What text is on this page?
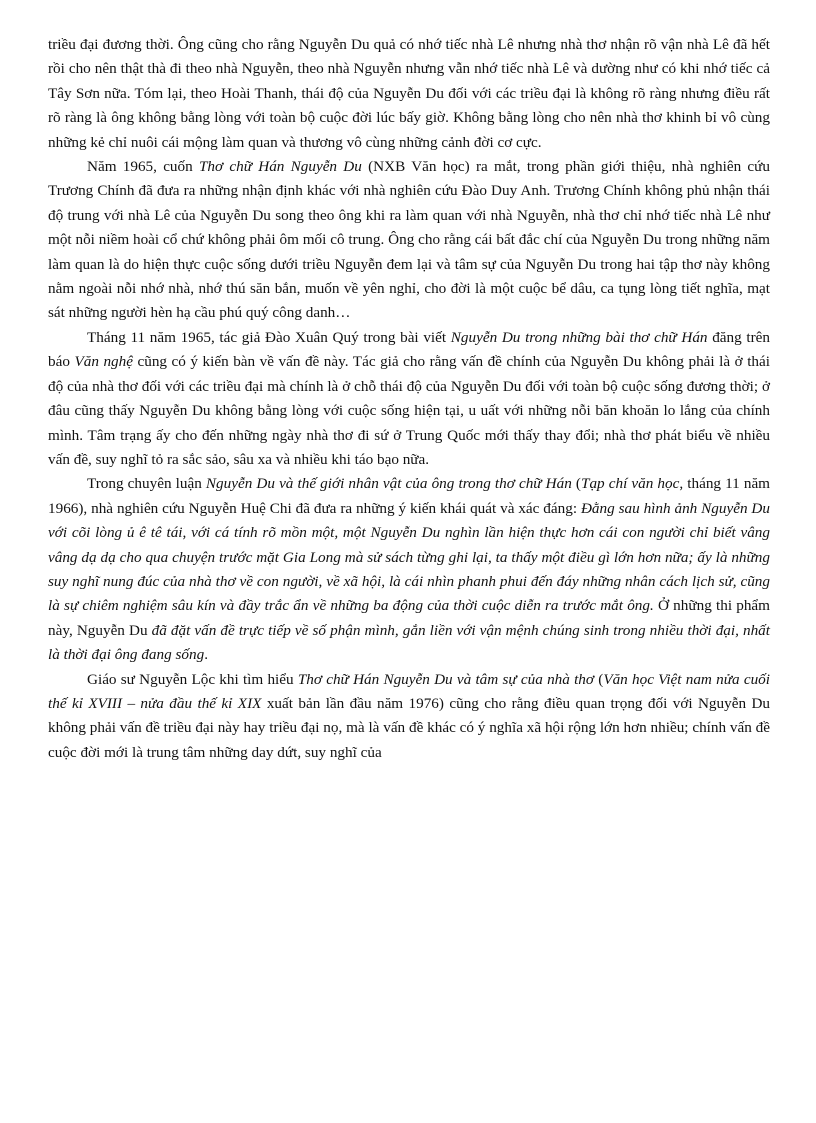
triều đại đương thời. Ông cũng cho rằng Nguyễn Du quả có nhớ tiếc nhà Lê nhưng nhà thơ nhận rõ vận nhà Lê đã hết rồi cho nên thật thà đi theo nhà Nguyễn, theo nhà Nguyễn nhưng vẫn nhớ tiếc nhà Lê và dường như có khi nhớ tiếc cả Tây Sơn nữa. Tóm lại, theo Hoài Thanh, thái độ của Nguyễn Du đối với các triều đại là không rõ ràng nhưng điều rất rõ ràng là ông không bằng lòng với toàn bộ cuộc đời lúc bấy giờ. Không bằng lòng cho nên nhà thơ khinh bỉ vô cùng những kẻ chỉ nuôi cái mộng làm quan và thương vô cùng những cảnh đời cơ cực.

Năm 1965, cuốn Thơ chữ Hán Nguyễn Du (NXB Văn học) ra mắt, trong phần giới thiệu, nhà nghiên cứu Trương Chính đã đưa ra những nhận định khác với nhà nghiên cứu Đào Duy Anh. Trương Chính không phủ nhận thái độ trung với nhà Lê của Nguyễn Du song theo ông khi ra làm quan với nhà Nguyễn, nhà thơ chỉ nhớ tiếc nhà Lê như một nỗi niềm hoài cổ chứ không phải ôm mối cô trung. Ông cho rằng cái bất đắc chí của Nguyễn Du trong những năm làm quan là do hiện thực cuộc sống dưới triều Nguyễn đem lại và tâm sự của Nguyễn Du trong hai tập thơ này không nằm ngoài nỗi nhớ nhà, nhớ thú săn bắn, muốn về yên nghỉ, cho đời là một cuộc bể dâu, ca tụng lòng tiết nghĩa, mạt sát những người hèn hạ cầu phú quý công danh…

Tháng 11 năm 1965, tác giả Đào Xuân Quý trong bài viết Nguyễn Du trong những bài thơ chữ Hán đăng trên báo Văn nghệ cũng có ý kiến bàn về vấn đề này. Tác giả cho rằng vấn đề chính của Nguyễn Du không phải là ở thái độ của nhà thơ đối với các triều đại mà chính là ở chỗ thái độ của Nguyễn Du đối với toàn bộ cuộc sống đương thời; ở đâu cũng thấy Nguyễn Du không bằng lòng với cuộc sống hiện tại, u uất với những nỗi băn khoăn lo lắng của chính mình. Tâm trạng ấy cho đến những ngày nhà thơ đi sứ ở Trung Quốc mới thấy thay đổi; nhà thơ phát biểu về nhiều vấn đề, suy nghĩ tỏ ra sắc sảo, sâu xa và nhiều khi táo bạo nữa.

Trong chuyên luận Nguyễn Du và thế giới nhân vật của ông trong thơ chữ Hán (Tạp chí văn học, tháng 11 năm 1966), nhà nghiên cứu Nguyễn Huệ Chi đã đưa ra những ý kiến khái quát và xác đáng: Đằng sau hình ảnh Nguyễn Du với cõi lòng ủ ê tê tái, với cá tính rõ mồn một, một Nguyễn Du nghìn lần hiện thực hơn cái con người chỉ biết vâng vâng dạ dạ cho qua chuyện trước mặt Gia Long mà sử sách từng ghi lại, ta thấy một điều gì lớn hơn nữa; ấy là những suy nghĩ nung đúc của nhà thơ về con người, về xã hội, là cái nhìn phanh phui đến đáy những nhân cách lịch sử, cũng là sự chiêm nghiệm sâu kín và đầy trắc ẩn về những ba động của thời cuộc diễn ra trước mắt ông. Ở những thi phẩm này, Nguyễn Du đã đặt vấn đề trực tiếp về số phận mình, gắn liền với vận mệnh chúng sinh trong nhiều thời đại, nhất là thời đại ông đang sống.

Giáo sư Nguyễn Lộc khi tìm hiểu Thơ chữ Hán Nguyễn Du và tâm sự của nhà thơ (Văn học Việt nam nửa cuối thế kỉ XVIII – nửa đầu thế kỉ XIX xuất bản lần đầu năm 1976) cũng cho rằng điều quan trọng đối với Nguyễn Du không phải vấn đề triều đại này hay triều đại nọ, mà là vấn đề khác có ý nghĩa xã hội rộng lớn hơn nhiều; chính vấn đề cuộc đời mới là trung tâm những day dứt, suy nghĩ của
